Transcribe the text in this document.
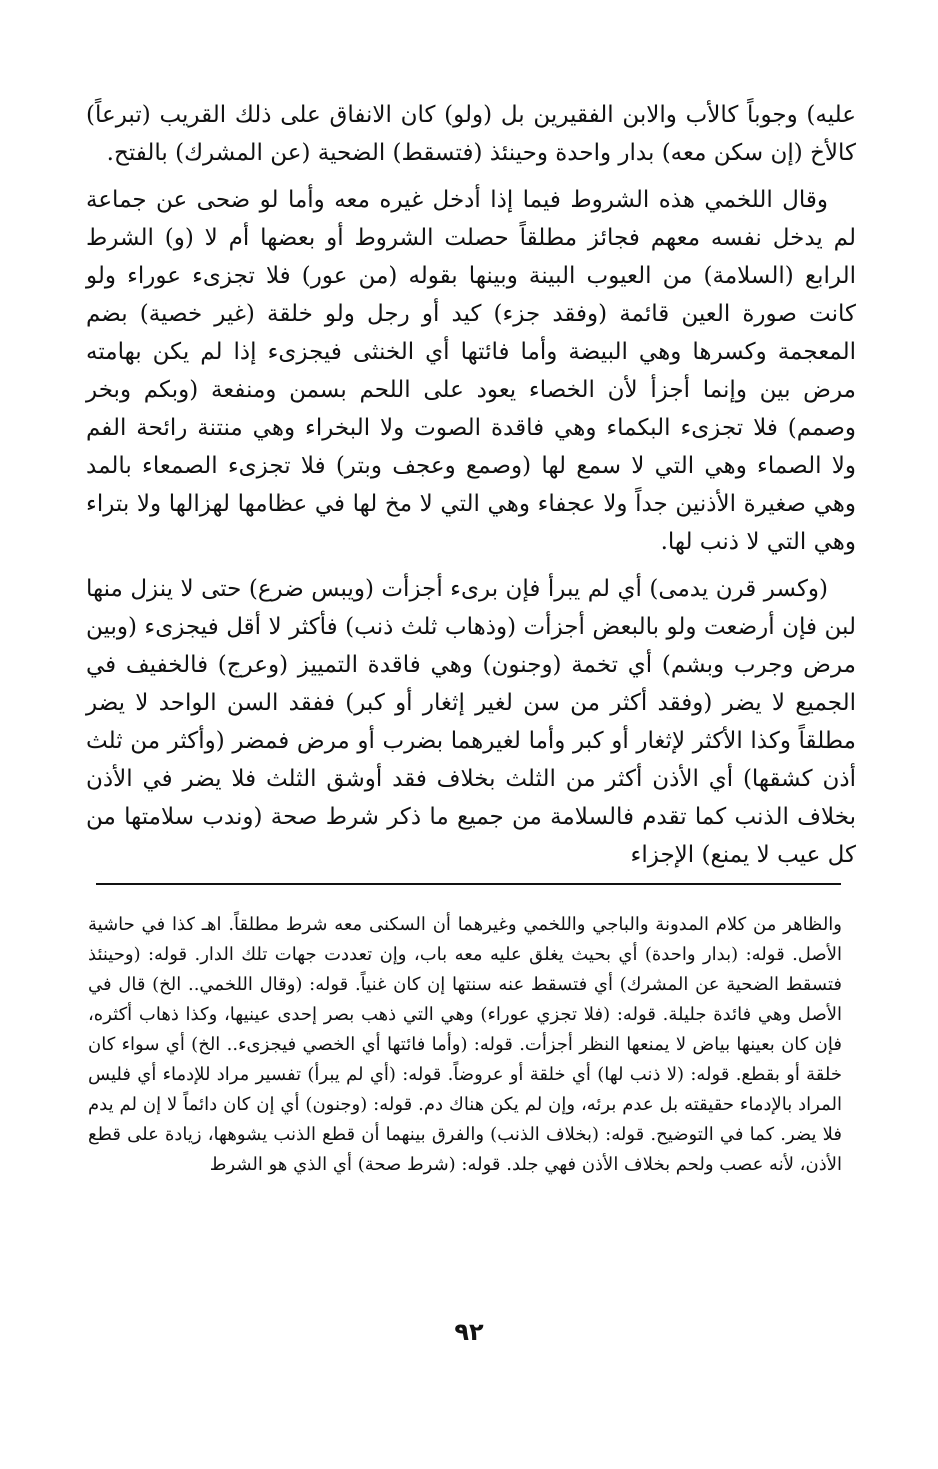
عليه) وجوباً كالأب والابن الفقيرين بل (ولو) كان الانفاق على ذلك القريب (تبرعاً) كالأخ (إن سكن معه) بدار واحدة وحينئذ (فتسقط) الضحية (عن المشرك) بالفتح.

وقال اللخمي هذه الشروط فيما إذا أدخل غيره معه وأما لو ضحى عن جماعة لم يدخل نفسه معهم فجائز مطلقاً حصلت الشروط أو بعضها أم لا (و) الشرط الرابع (السلامة) من العيوب البينة وبينها بقوله (من عور) فلا تجزىء عوراء ولو كانت صورة العين قائمة (وفقد جزء) كيد أو رجل ولو خلقة (غير خصية) بضم المعجمة وكسرها وهي البيضة وأما فائتها أي الخنثى فيجزىء إذا لم يكن بهامته مرض بين وإنما أجزأ لأن الخصاء يعود على اللحم بسمن ومنفعة (وبكم وبخر وصمم) فلا تجزىء البكماء وهي فاقدة الصوت ولا البخراء وهي منتنة رائحة الفم ولا الصماء وهي التي لا سمع لها (وصمع وعجف وبتر) فلا تجزىء الصمعاء بالمد وهي صغيرة الأذنين جداً ولا عجفاء وهي التي لا مخ لها في عظامها لهزالها ولا بتراء وهي التي لا ذنب لها.

(وكسر قرن يدمى) أي لم يبرأ فإن برىء أجزأت (ويبس ضرع) حتى لا ينزل منها لبن فإن أرضعت ولو بالبعض أجزأت (وذهاب ثلث ذنب) فأكثر لا أقل فيجزىء (وبين مرض وجرب وبشم) أي تخمة (وجنون) وهي فاقدة التمييز (وعرج) فالخفيف في الجميع لا يضر (وفقد أكثر من سن لغير إثغار أو كبر) ففقد السن الواحد لا يضر مطلقاً وكذا الأكثر لإثغار أو كبر وأما لغيرهما بضرب أو مرض فمضر (وأكثر من ثلث أذن كشقها) أي الأذن أكثر من الثلث بخلاف فقد أوشق الثلث فلا يضر في الأذن بخلاف الذنب كما تقدم فالسلامة من جميع ما ذكر شرط صحة (وندب سلامتها من كل عيب لا يمنع) الإجزاء

والظاهر من كلام المدونة والباجي واللخمي وغيرهما أن السكنى معه شرط مطلقاً. اهـ كذا في حاشية الأصل. قوله: (بدار واحدة) أي بحيث يغلق عليه معه باب، وإن تعددت جهات تلك الدار. قوله: (وحينئذ فتسقط الضحية عن المشرك) أي فتسقط عنه سنتها إن كان غنياً. قوله: (وقال اللخمي.. الخ) قال في الأصل وهي فائدة جليلة. قوله: (فلا تجزي عوراء) وهي التي ذهب بصر إحدى عينيها، وكذا ذهاب أكثره، فإن كان بعينها بياض لا يمنعها النظر أجزأت. قوله: (وأما فائتها أي الخصي فيجزىء.. الخ) أي سواء كان خلقة أو بقطع. قوله: (لا ذنب لها) أي خلقة أو عروضاً. قوله: (أي لم يبرأ) تفسير مراد للإدماء أي فليس المراد بالإدماء حقيقته بل عدم برئه، وإن لم يكن هناك دم. قوله: (وجنون) أي إن كان دائماً لا إن لم يدم فلا يضر. كما في التوضيح. قوله: (بخلاف الذنب) والفرق بينهما أن قطع الذنب يشوهها، زيادة على قطع الأذن، لأنه عصب ولحم بخلاف الأذن فهي جلد. قوله: (شرط صحة) أي الذي هو الشرط

٩٢
